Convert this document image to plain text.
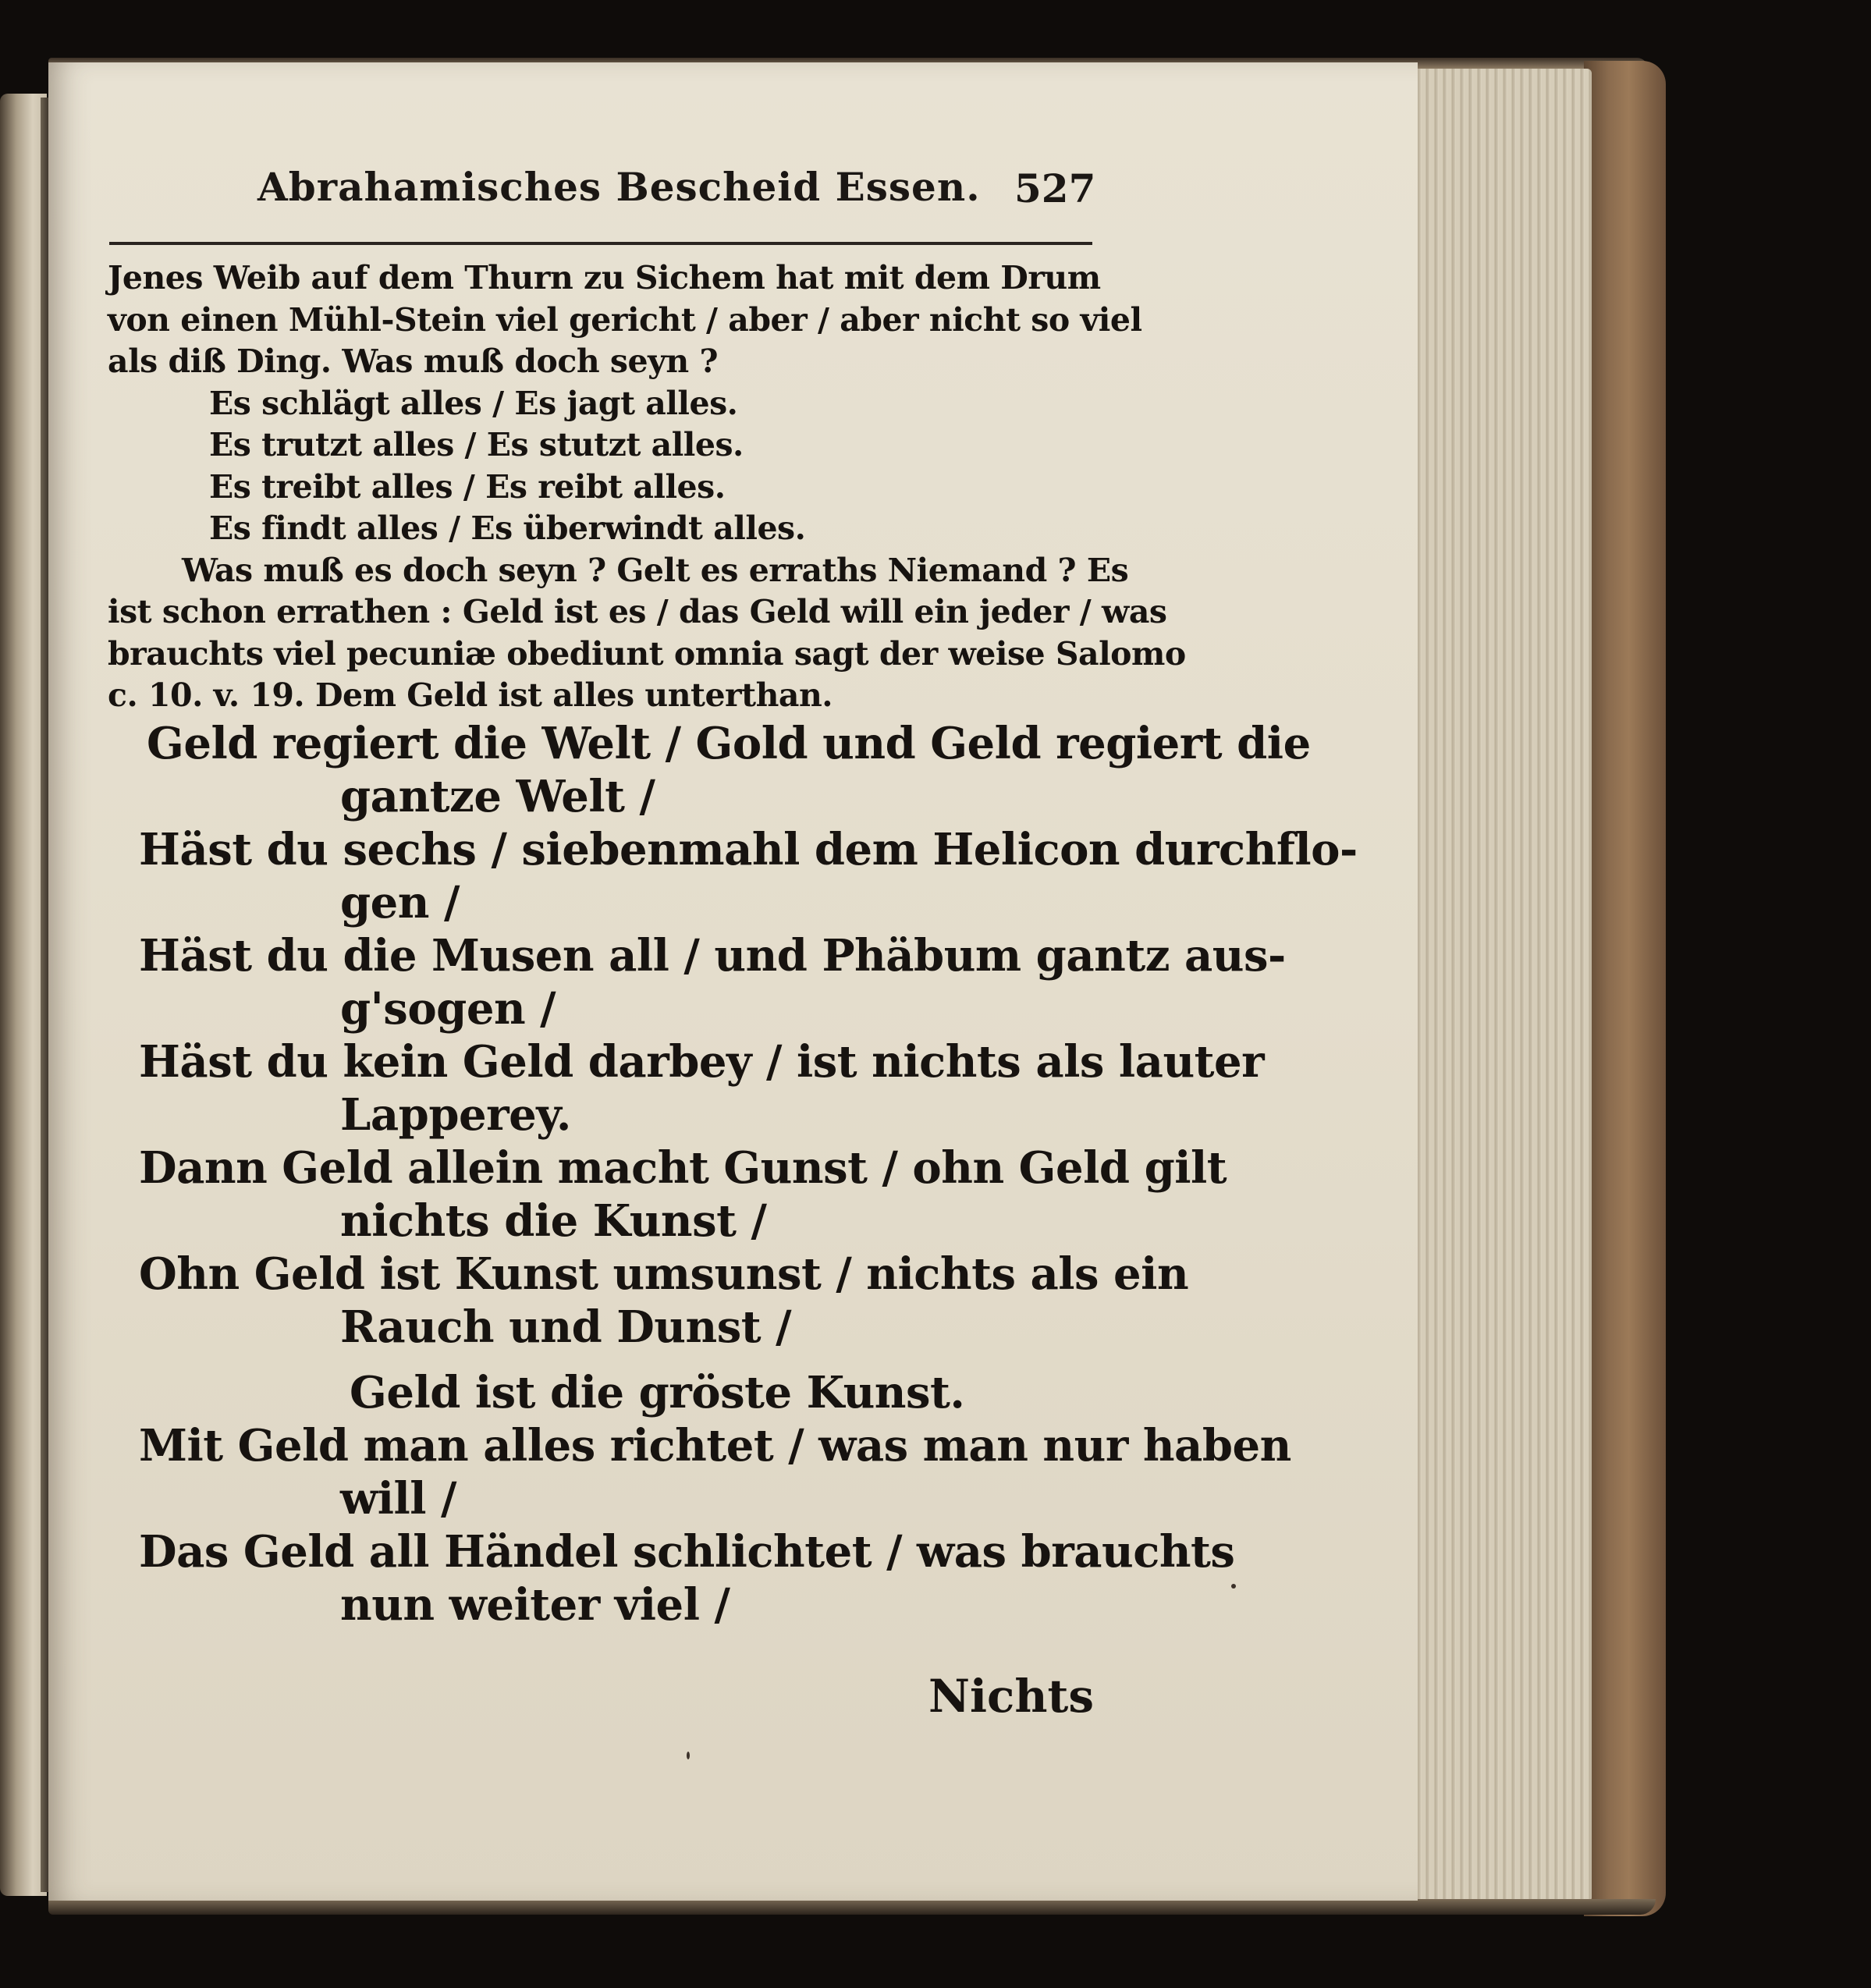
Abrahamisches Bescheid Essen. 527
Jenes Weib auf dem Thurn zu Sichem hat mit dem Drum
von einen Mühl-Stein viel gericht / aber / aber nicht so viel
als diß Ding. Was muß doch seyn ?
Es schlägt alles / Es jagt alles.
Es trutzt alles / Es stutzt alles.
Es treibt alles / Es reibt alles.
Es findt alles / Es überwindt alles.
Was muß es doch seyn ? Gelt es erraths Niemand ? Es
ist schon errathen : Geld ist es / das Geld will ein jeder / was
brauchts viel pecuniæ obediunt omnia sagt der weise Salomo
c. 10. v. 19. Dem Geld ist alles unterthan.
Geld regiert die Welt / Gold und Geld regiert die
gantze Welt /
Häst du sechs / siebenmahl dem Helicon durchflo-
gen /
Häst du die Musen all / und Phäbum gantz aus-
g'sogen /
Häst du kein Geld darbey / ist nichts als lauter
Lapperey.
Dann Geld allein macht Gunst / ohn Geld gilt
nichts die Kunst /
Ohn Geld ist Kunst umsunst / nichts als ein
Rauch und Dunst /
Geld ist die gröste Kunst.
Mit Geld man alles richtet / was man nur haben
will /
Das Geld all Händel schlichtet / was brauchts
nun weiter viel /
Nichts
